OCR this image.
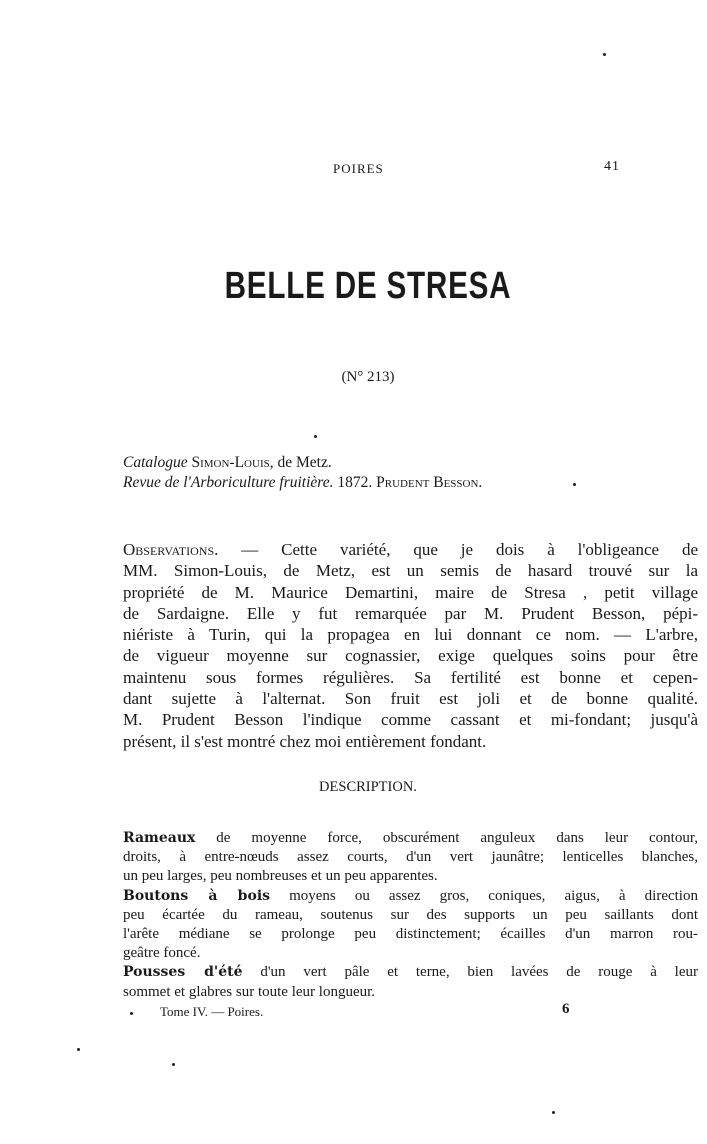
POIRES	41
BELLE DE STRESA
(N° 213)
Catalogue Simon-Louis, de Metz.
Revue de l'Arboriculture fruitière. 1872. Prudent Besson.
Observations. — Cette variété, que je dois à l'obligeance de
MM. Simon-Louis, de Metz, est un semis de hasard trouvé sur la
propriété de M. Maurice Demartini, maire de Stresa , petit village
de Sardaigne. Elle y fut remarquée par M. Prudent Besson, pépi-
niériste à Turin, qui la propagea en lui donnant ce nom. — L'arbre,
de vigueur moyenne sur cognassier, exige quelques soins pour être
maintenu sous formes régulières. Sa fertilité est bonne et cepen-
dant sujette à l'alternat. Son fruit est joli et de bonne qualité.
M. Prudent Besson l'indique comme cassant et mi-fondant; jusqu'à
présent, il s'est montré chez moi entièrement fondant.
DESCRIPTION.
Rameaux de moyenne force, obscurément anguleux dans leur contour,
droits, à entre-nœuds assez courts, d'un vert jaunâtre; lenticelles blanches,
un peu larges, peu nombreuses et un peu apparentes.
Boutons à bois moyens ou assez gros, coniques, aigus, à direction
peu écartée du rameau, soutenus sur des supports un peu saillants dont
l'arête médiane se prolonge peu distinctement; écailles d'un marron rou-
geâtre foncé.
Pousses d'été d'un vert pâle et terne, bien lavées de rouge à leur
sommet et glabres sur toute leur longueur.
Tome IV. — Poires.	6
